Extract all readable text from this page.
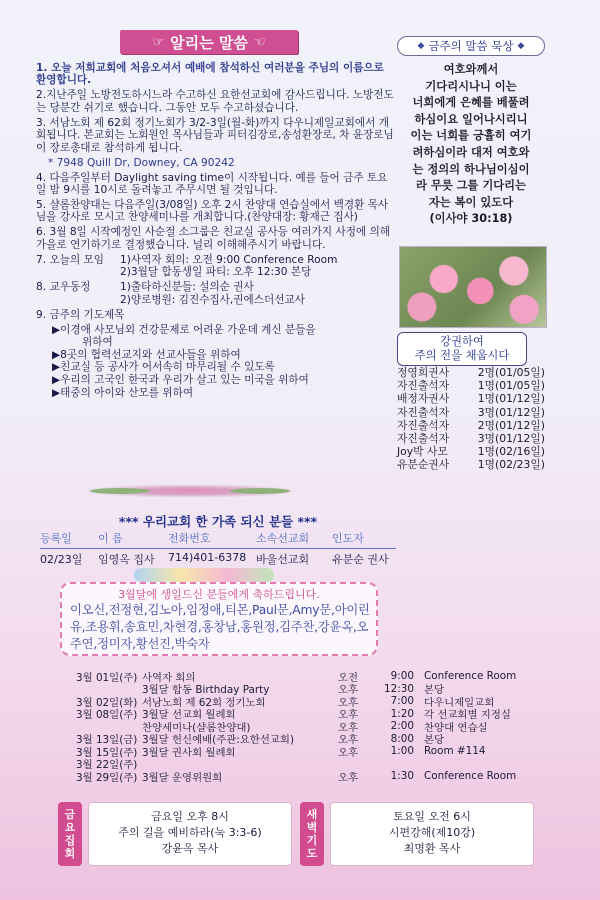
☞ 알리는 말씀 ☜
1. 오늘 저희교회에 처음오셔서 예배에 참석하신 여러분을 주님의 이름으로 환영합니다.
2.지난주일 노방전도하시느라 수고하신 요한선교회에 감사드립니다. 노방전도는 당분간 쉬기로 했습니다. 그동안 모두 수고하셨습니다.
3. 서남노회 제 62회 정기노회가 3/2-3일(월-화)까지 다우니제일교회에서 개회됩니다. 본교회는 노회원인 목사님들과 피터김장로,송성환장로, 차 윤장로님이 장로총대로 참석하게 됩니다.
* 7948 Quill Dr, Downey, CA 90242
4. 다음주일부터 Daylight saving time이 시작됩니다. 예를 들어 금주 토요일 밤 9시를 10시로 돌려놓고 주무시면 될 것입니다.
5. 샬롬찬양대는 다음주일(3/08일) 오후 2시 찬양대 연습실에서 백경환 목사님을 강사로 모시고 찬양세미나를 개최합니다.(찬양대장: 황재근 집사)
6. 3월 8일 시작예정인 사순절 소그룹은 친교실 공사등 여러가지 사정에 의해 가을로 연기하기로 결정했습니다. 널리 이해해주시기 바랍니다.
7. 오늘의 모임	1)사역자 회의: 오전 9:00 Conference Room
2)3월달 합동생일 파티: 오후 12:30 본당
8. 교우동정	1)출타하신분들: 설의순 권사
2)양로병원: 김진수집사,권에스더선교사
9. 금주의 기도제목
▶이경애 사모님외 건강문제로 어려운 가운데 계신 분들을
위하여
▶8곳의 협력선교지와 선교사들을 위하여
▶친교실 등 공사가 어서속히 마무리될 수 있도록
▶우리의 고국인 한국과 우리가 살고 있는 미국을 위하여
▶태중의 아이와 산모를 위하여
*** 우리교회 한 가족 되신 분들 ***
등록일	이 름	전화번호	소속선교회	인도자
02/23일	임영옥 집사	714)401-6378 바울선교회	유분순 권사
3월달에 생일드신 분들에게 축하드립니다.
이오신,전정현,김노아,임정애,티몬,Paul문,Amy문,아이린유,조용휘,송효민,차현경,홍창남,홍원정,김주찬,강윤옥,오주연,정미자,황선진,박숙자
◆ 금주의 말씀 묵상 ◆
여호와께서
기다리시나니 이는
너희에게 은혜를 베풀려
하심이요 일어나시리니
이는 너희를 긍휼히 여기
려하심이라 대저 여호와
는 정의의 하나님이심이
라 무릇 그를 기다리는
자는 복이 있도다
(이사야 30:18)
강권하여
주의 전을 채웁시다
정영희권사	2명 (01/05일)
자진출석자	1명 (01/05일)
배정자권사	1명 (01/12일)
자진출석자	3명 (01/12일)
자진출석자	2명 (01/12일)
자진출석자	3명 (01/12일)
Joy박 사모	1명 (02/16일)
유분순권사	1명 (02/23일)
3월 01일(주) 사역자 회의	오전	9:00 Conference Room
3월달 합동 Birthday Party	오후	12:30 본당
3월 02일(화) 서남노회 제 62회 정기노회	오후	7:00 다우니제일교회
3월 08일(주) 3월달 선교회 월례회	오후	1:20 각 선교회별 지정실
찬양세미나(샬롬찬양대)	오후	2:00 찬양대 연습실
3월 13일(금) 3월달 헌신예배(주관:요한선교회)	오후	8:00 본당
3월 15일(주) 3월달 권사회 월례회	오후	1:00 Room #114
3월 22일(주)
3월 29일(주) 3월달 운영위원회	오후	1:30 Conference Room
금
요
집
회
금요일 오후 8시
주의 길을 예비하라(눅 3:3-6)
강윤옥 목사
새
벽
기
도
토요일 오전 6시
시편강해(제10강)
최명환 목사
